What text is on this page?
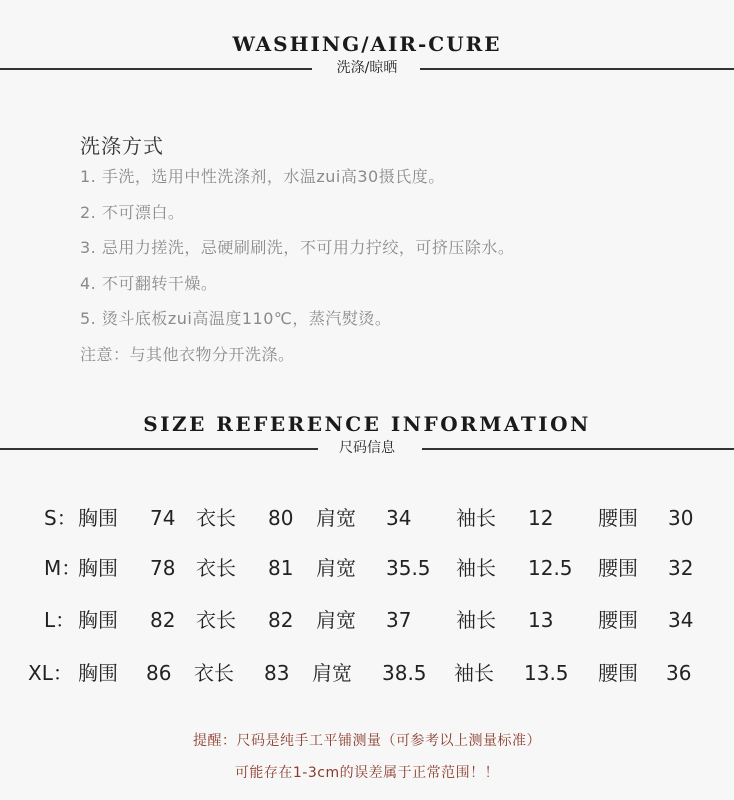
WASHING/AIR-CURE
洗涤/晾晒
洗涤方式
1. 手洗，选用中性洗涤剂，水温zui高30摄氏度。
2. 不可漂白。
3. 忌用力搓洗，忌硬刷刷洗，不可用力拧绞，可挤压除水。
4. 不可翻转干燥。
5. 烫斗底板zui高温度110℃，蒸汽熨烫。
注意：与其他衣物分开洗涤。
SIZE REFERENCE INFORMATION
尺码信息
S： 胸围 74 衣长 80 肩宽 34 袖长 12 腰围 30
M：
胸围 78 衣长 81 肩宽 35.5 袖长 12.5 腰围 32
L： 胸围 82 衣长 82 肩宽 37 袖长 13 腰围 34
XL： 胸围 86 衣长 83 肩宽 38.5 袖长 13.5 腰围 36
提醒：尺码是纯手工平铺测量（可参考以上测量标准）
可能存在1-3cm的误差属于正常范围！！
